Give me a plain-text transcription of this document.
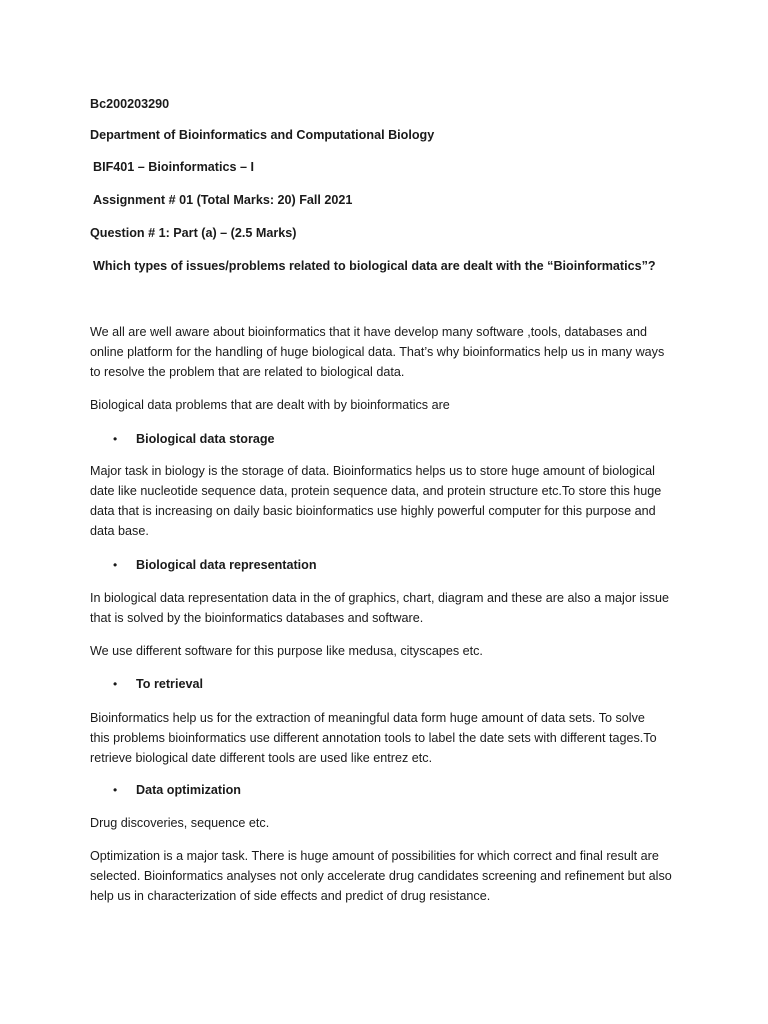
Bc200203290
Department of Bioinformatics and Computational Biology
BIF401 – Bioinformatics – I
Assignment # 01 (Total Marks: 20) Fall 2021
Question # 1: Part (a) – (2.5 Marks)
Which types of issues/problems related to biological data are dealt with the “Bioinformatics”?
We all are well aware about bioinformatics that it have develop many software ,tools, databases and
online platform for the handling of huge biological data. That’s why bioinformatics help us in many ways
to resolve the problem that are related to biological data.
Biological data problems that are dealt with by bioinformatics are
• Biological data storage
Major task in biology is the storage of data. Bioinformatics helps us to store huge amount of biological
date like nucleotide sequence data, protein sequence data, and protein structure etc.To store this huge
data that is increasing on daily basic bioinformatics use highly powerful computer for this purpose and
data base.
• Biological data representation
In biological data representation data in the of graphics, chart, diagram and these are also a major issue
that is solved by the bioinformatics databases and software.
We use different software for this purpose like medusa, cityscapes etc.
• To retrieval
Bioinformatics help us for the extraction of meaningful data form huge amount of data sets. To solve
this problems bioinformatics use different annotation tools to label the date sets with different tages.To
retrieve biological date different tools are used like entrez etc.
• Data optimization
Drug discoveries, sequence etc.
Optimization is a major task. There is huge amount of possibilities for which correct and final result are
selected. Bioinformatics analyses not only accelerate drug candidates screening and refinement but also
help us in characterization of side effects and predict of drug resistance.
